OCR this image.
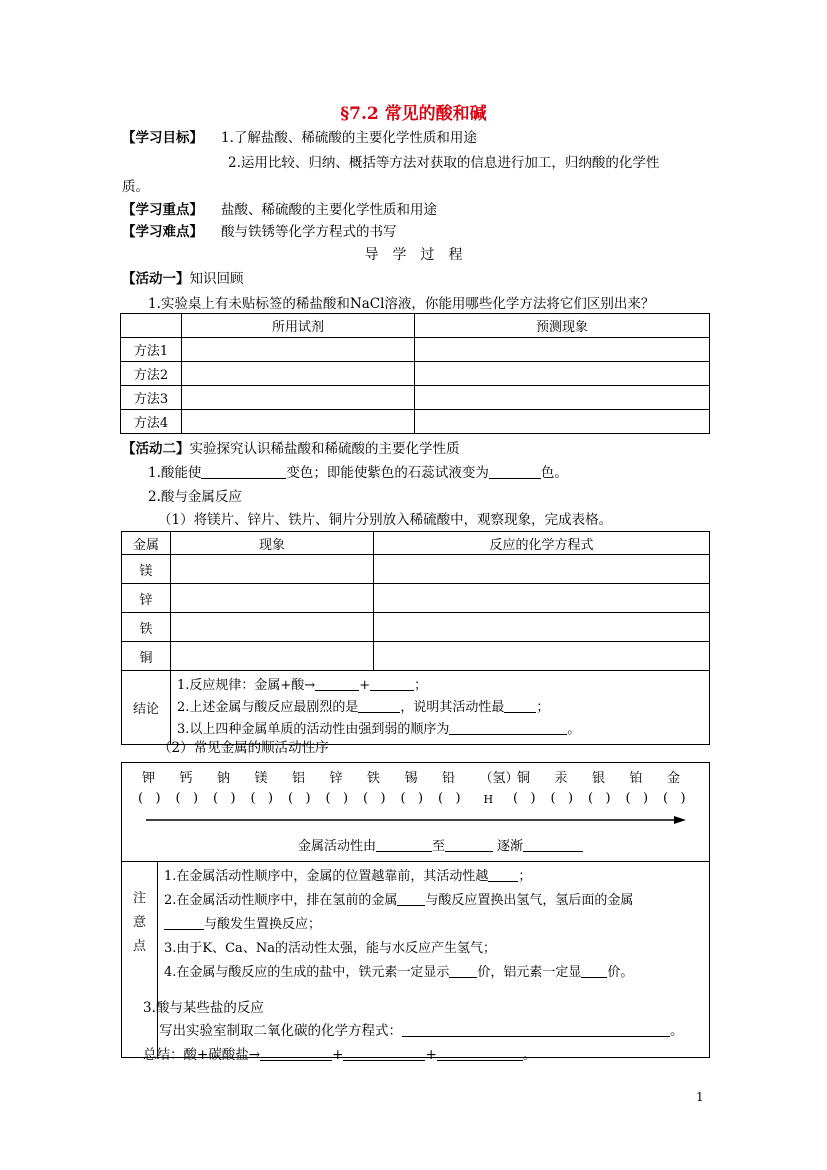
§7.2 常见的酸和碱
【学习目标】 1.了解盐酸、稀硫酸的主要化学性质和用途
2.运用比较、归纳、概括等方法对获取的信息进行加工，归纳酸的化学性
质。
【学习重点】 盐酸、稀硫酸的主要化学性质和用途
【学习难点】 酸与铁锈等化学方程式的书写
导　学　过　程
【活动一】知识回顾
1.实验桌上有未贴标签的稀盐酸和NaCl溶液，你能用哪些化学方法将它们区别出来？
	所用试剂	预测现象
方法1		
方法2		
方法3		
方法4		
【活动二】实验探究认识稀盐酸和稀硫酸的主要化学性质
1.酸能使	变色；即能使紫色的石蕊试液变为	色。
2.酸与金属反应
（1）将镁片、锌片、铁片、铜片分别放入稀硫酸中，观察现象，完成表格。
金属	现象	反应的化学方程式
镁		
锌		
铁		
铜		
结论	1.反应规律：金属+酸→ + ；
2.上述金属与酸反应最剧烈的是 ，说明其活动性最 ；
3.以上四种金属单质的活动性由强到弱的顺序为 。	
（2）常见金属的顺活动性序
钾 钙 钠 镁 铝 锌 铁 锡 铅 （氢）
铜 汞 银 铂 金
(   ) (   ) (   ) (   ) (   ) (   ) (   ) (   ) (   ) H (   ) (   ) (   ) (   ) (   )
金属活动性由	至	逐渐
注
意
点
1.在金属活动性顺序中，金属的位置越靠前，其活动性越 ；
2.在金属活动性顺序中，排在氢前的金属 与酸反应置换出氢气，氢后面的金属
与酸发生置换反应；
3.由于K、Ca、Na的活动性太强，能与水反应产生氢气；
4.在金属与酸反应的生成的盐中，铁元素一定显示 价，铝元素一定显 价。
3.酸与某些盐的反应
写出实验室制取二氧化碳的化学方程式：	。
总结：酸+碳酸盐→	+	+	。
1
